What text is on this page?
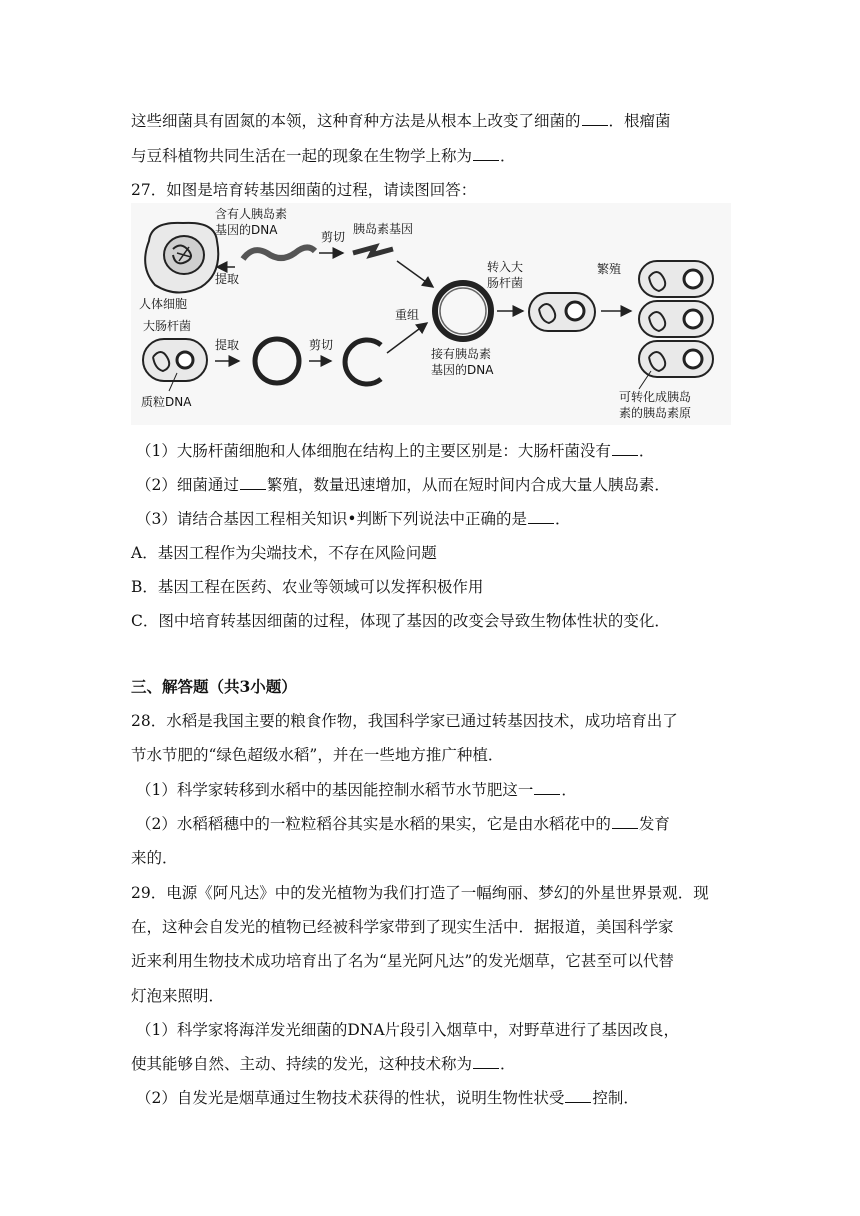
这些细菌具有固氮的本领，这种育种方法是从根本上改变了细菌的 ．根瘤菌
与豆科植物共同生活在一起的现象在生物学上称为 ．
27．如图是培育转基因细菌的过程，请读图回答：
人体细胞
含有人胰岛素
基因的DNA
提取
剪切
胰岛素基因
大肠杆菌
质粒DNA
提取	剪切
重组
接有胰岛素
基因的DNA
转入大
肠杆菌
繁殖
可转化成胰岛
素的胰岛素原
（1）大肠杆菌细胞和人体细胞在结构上的主要区别是：大肠杆菌没有 ．
（2）细菌通过 繁殖，数量迅速增加，从而在短时间内合成大量人胰岛素．
（3）请结合基因工程相关知识•判断下列说法中正确的是 ．
A．基因工程作为尖端技术，不存在风险问题
B．基因工程在医药、农业等领域可以发挥积极作用
C．图中培育转基因细菌的过程，体现了基因的改变会导致生物体性状的变化．
三、解答题（共3小题）
28．水稻是我国主要的粮食作物，我国科学家已通过转基因技术，成功培育出了
节水节肥的“绿色超级水稻”，并在一些地方推广种植．
（1）科学家转移到水稻中的基因能控制水稻节水节肥这一 ．
（2）水稻稻穗中的一粒粒稻谷其实是水稻的果实，它是由水稻花中的 发育
来的．
29．电源《阿凡达》中的发光植物为我们打造了一幅绚丽、梦幻的外星世界景观．现
在，这种会自发光的植物已经被科学家带到了现实生活中．据报道，美国科学家
近来利用生物技术成功培育出了名为“星光阿凡达”的发光烟草，它甚至可以代替
灯泡来照明．
（1）科学家将海洋发光细菌的DNA片段引入烟草中，对野草进行了基因改良，
使其能够自然、主动、持续的发光，这种技术称为 ．
（2）自发光是烟草通过生物技术获得的性状，说明生物性状受 控制．
